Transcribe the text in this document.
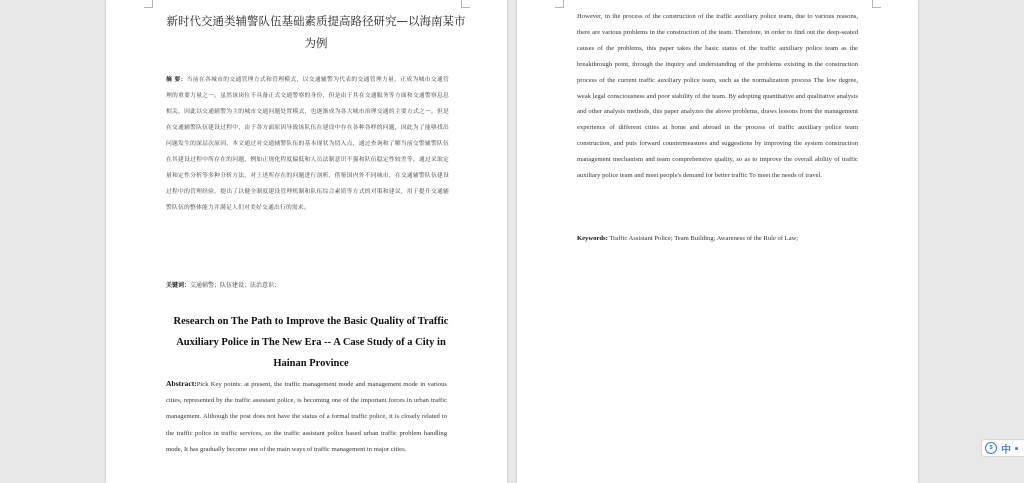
新时代交通类辅警队伍基础素质提高路径研究—以海南某市为例
摘 要：当前在各城市的交通管理方式和管理模式，以交通辅警为代表的交通管理力量，正成为城市交通管理的重要力量之一。虽然该岗位不具备正式交通警察的身份，但是由于其在交通服务等方面和交通警察息息相关，因此以交通辅警为主的城市交通问题处置模式，也逐渐成为各大城市治理交通的主要方式之一。但是在交通辅警队伍建设过程中，由于各方面原因导致该队伍在建设中存在各种各样的问题，因此为了能够找出问题发生的深层次原因，本文通过对交通辅警队伍的基本现状为切入点，通过查询和了解当前交警辅警队伍在其建设过程中所存在的问题，例如正规化程度偏低和人员法制意识不强和队伍稳定性较差等。通过采取定量和定性分析等多种分析方法，对上述所存在的问题进行剖析，借鉴国内外不同城市，在交通辅警队伍建设过程中的管理经验，提出了以健全制度建设管理机制和队伍综合素质等方式的对策和建议，用于提升交通辅警队伍的整体能力并满足人们对美好交通出行的需求。
关键词：交通辅警；队伍建设；法治意识；
Research on The Path to Improve the Basic Quality of Traffic Auxiliary Police in The New Era -- A Case Study of a City in Hainan Province
Abstract:Pick Key points: at present, the traffic management mode and management mode in various cities, represented by the traffic assistant police, is becoming one of the important forces in urban traffic management. Although the post does not have the status of a formal traffic police, it is closely related to the traffic police in traffic services, so the traffic assistant police based urban traffic problem handling mode, It has gradually become one of the main ways of traffic management in major cities.
However, in the process of the construction of the traffic auxiliary police team, due to various reasons, there are various problems in the construction of the team. Therefore, in order to find out the deep-seated causes of the problems, this paper takes the basic status of the traffic auxiliary police team as the breakthrough point, through the inquiry and understanding of the problems existing in the construction process of the current traffic auxiliary police team, such as the normalization process The low degree, weak legal consciousness and poor stability of the team. By adopting quantitative and qualitative analysis and other analysis methods, this paper analyzes the above problems, draws lessons from the management experience of different cities at home and abroad in the process of traffic auxiliary police team construction, and puts forward countermeasures and suggestions by improving the system construction management mechanism and team comprehensive quality, so as to improve the overall ability of traffic auxiliary police team and meet people's demand for better traffic To meet the needs of travel.
Keywords: Traffic Assistant Police; Team Building; Awareness of the Rule of Law;
S 中
